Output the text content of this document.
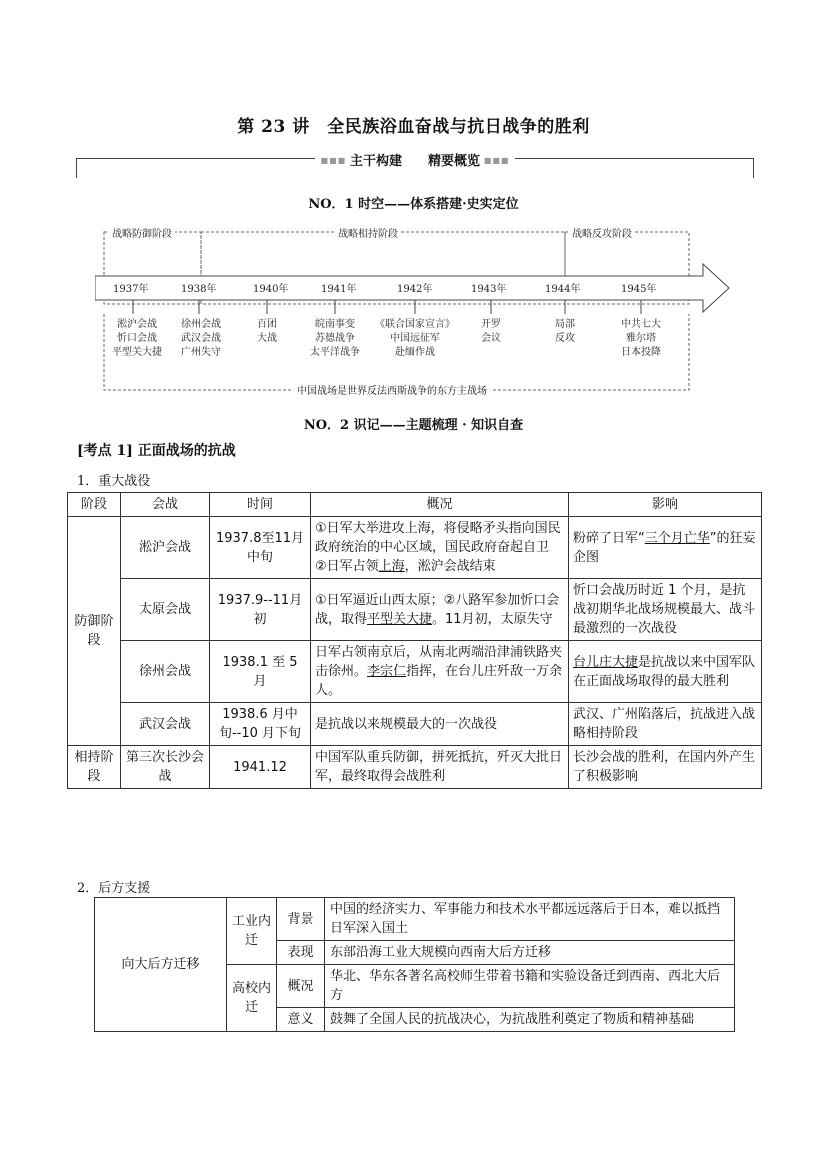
第 23 讲　全民族浴血奋战与抗日战争的胜利
■■■ 主干构建　　精要概览 ■■■
NO．1 时空——体系搭建·史实定位
战略防御阶段	战略相持阶段	战略反攻阶段
1937年	1938年	1940年	1941年	1942年	1943年	1944年	1945年
淞沪会战
忻口会战
平型关大捷
徐州会战
武汉会战
广州失守
百团
大战
皖南事变
苏德战争
太平洋战争
《联合国家宣言》
中国远征军
赴缅作战
开罗
会议
局部
反攻
中共七大
雅尔塔
日本投降
中国战场是世界反法西斯战争的东方主战场
NO．2 识记——主题梳理 · 知识自查
[考点 1] 正面战场的抗战
1．重大战役
阶段	会战	时间	概况	影响
防御阶段	淞沪会战	1937.8至11月中旬	①日军大举进攻上海，将侵略矛头指向国民政府统治的中心区域，国民政府奋起自卫 ②日军占领上海，淞沪会战结束	粉碎了日军“三个月亡华”的狂妄企图
	太原会战	1937.9--11月初	①日军逼近山西太原；②八路军参加忻口会战，取得平型关大捷。11月初，太原失守	忻口会战历时近 1 个月，是抗战初期华北战场规模最大、战斗最激烈的一次战役
	徐州会战	1938.1 至 5 月	日军占领南京后，从南北两端沿津浦铁路夹击徐州。李宗仁指挥，在台儿庄歼敌一万余人。	台儿庄大捷是抗战以来中国军队在正面战场取得的最大胜利
	武汉会战	1938.6 月中旬--10 月下旬	是抗战以来规模最大的一次战役	武汉、广州陷落后，抗战进入战略相持阶段
相持阶段	第三次长沙会战	1941.12	中国军队重兵防御，拼死抵抗，歼灭大批日军，最终取得会战胜利	长沙会战的胜利，在国内外产生了积极影响
2．后方支援
向大后方迁移	工业内迁	背景	中国的经济实力、军事能力和技术水平都远远落后于日本，难以抵挡日军深入国土
		表现	东部沿海工业大规模向西南大后方迁移
	高校内迁	概况	华北、华东各著名高校师生带着书籍和实验设备迁到西南、西北大后方
		意义	鼓舞了全国人民的抗战决心，为抗战胜利奠定了物质和精神基础
